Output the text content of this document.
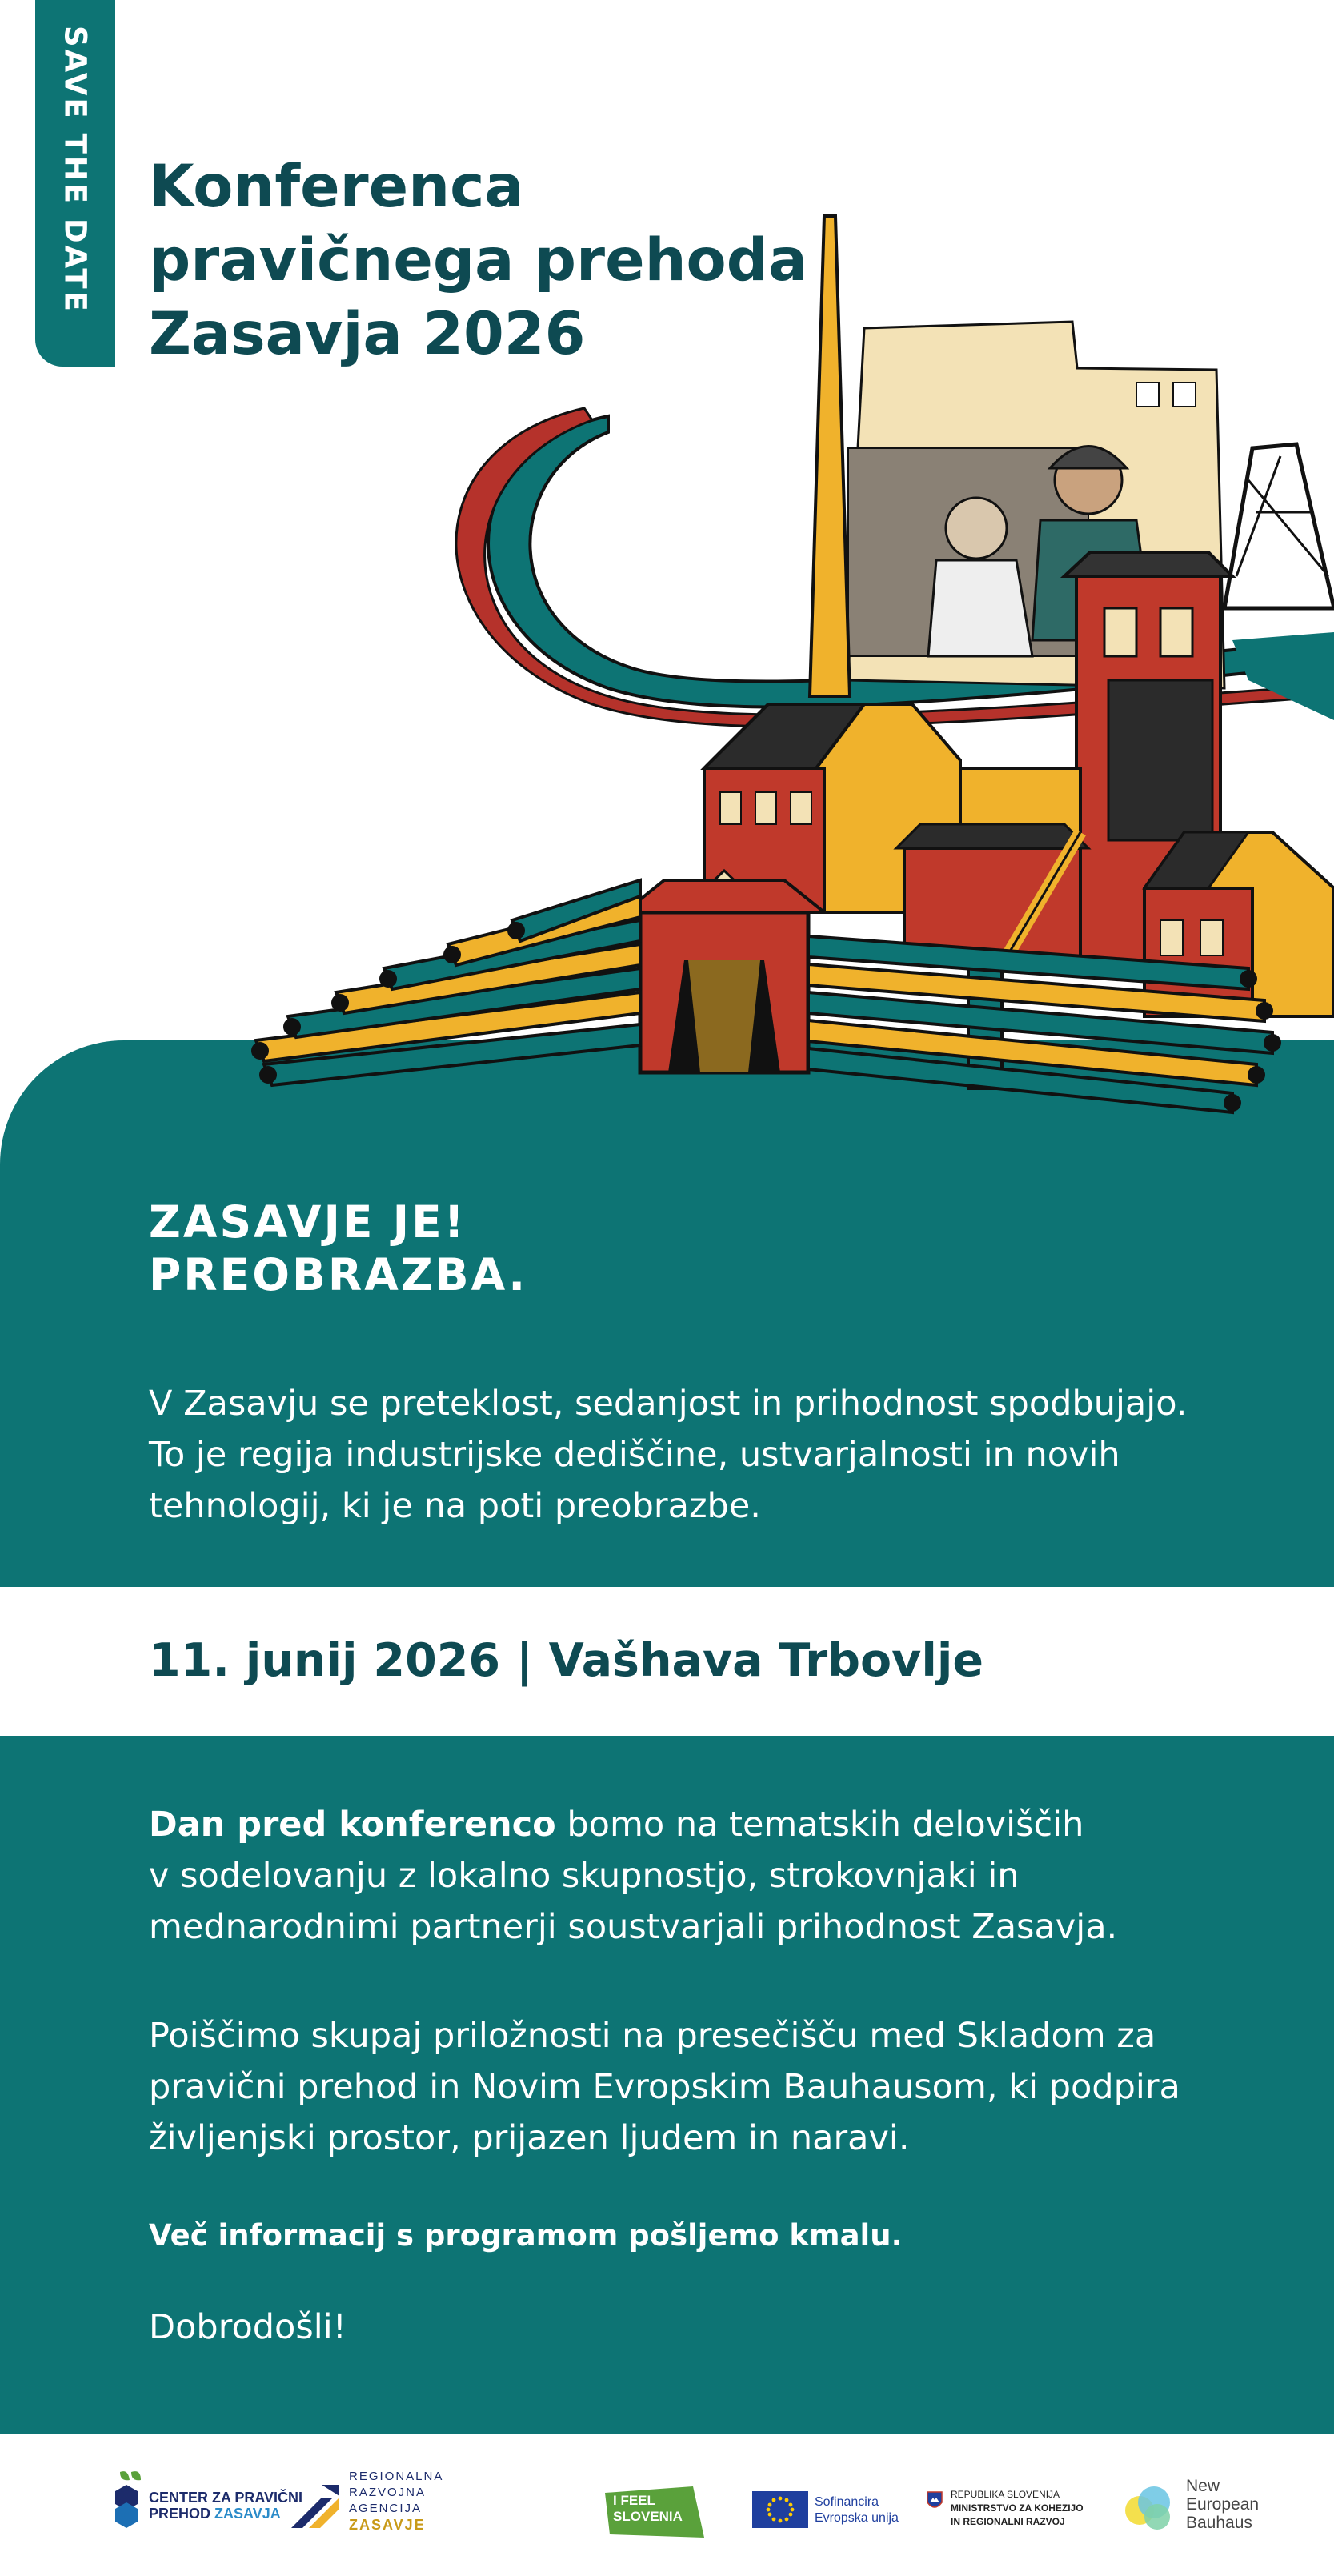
SAVE THE DATE Konferenca
pravičnega prehoda
Zasavja 2026
ZASAVJE JE!
PREOBRAZBA.

V Zasavju se preteklost, sedanjost in prihodnost spodbujajo.
To je regija industrijske dediščine, ustvarjalnosti in novih
tehnologij, ki je na poti preobrazbe.

11. junij 2026 | Vašhava Trbovlje

Dan pred konferenco bomo na tematskih deloviščih
v sodelovanju z lokalno skupnostjo, strokovnjaki in
mednarodnimi partnerji soustvarjali prihodnost Zasavja.

Poiščimo skupaj priložnosti na presečišču med Skladom za
pravični prehod in Novim Evropskim Bauhausom, ki podpira
življenjski prostor, prijazen ljudem in naravi.

Več informacij s programom pošljemo kmalu.

Dobrodošli!

CENTER ZA PRAVIČNI
PREHOD ZASAVJA
REGIONALNA
RAZVOJNA
AGENCIJA
ZASAVJE
I FEEL
SLOVENIA
Sofinancira
Evropska unija
REPUBLIKA SLOVENIJA
MINISTRSTVO ZA KOHEZIJO
IN REGIONALNI RAZVOJ
New
European
Bauhaus
